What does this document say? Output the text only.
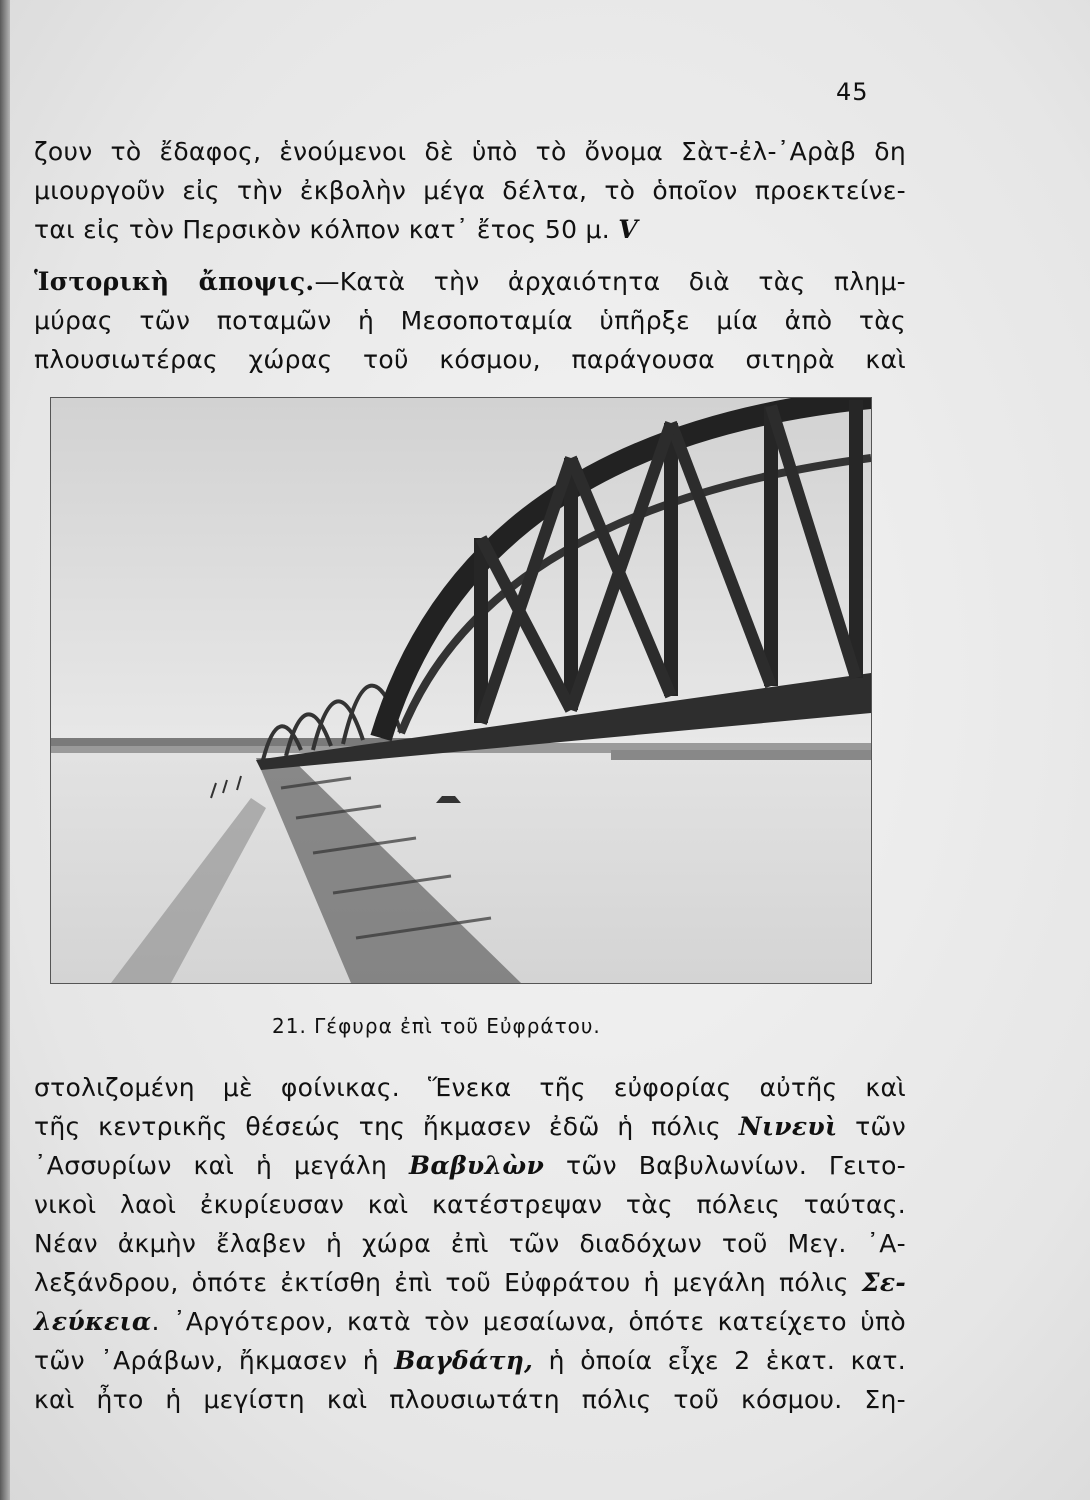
45
ζουν τὸ ἔδαφος, ἑνούμενοι δὲ ὑπὸ τὸ ὄνομα Σὰτ-ἐλ-᾽Αρὰβ δη
μιουργοῦν εἰς τὴν ἐκβολὴν μέγα δέλτα, τὸ ὁποῖον προεκτείνε-
ται εἰς τὸν Περσικὸν κόλπον κατ᾽ ἔτος 50 μ. Ⅴ
Ἱστορικὴ ἄποψις.—Κατὰ τὴν ἀρχαιότητα διὰ τὰς πλημ-
μύρας τῶν ποταμῶν ἡ Μεσοποταμία ὑπῆρξε μία ἀπὸ τὰς
πλουσιωτέρας χώρας τοῦ κόσμου, παράγουσα σιτηρὰ καὶ
21. Γέφυρα ἐπὶ τοῦ Εὐφράτου.
στολιζομένη μὲ φοίνικας. Ἕνεκα τῆς εὐφορίας αὐτῆς καὶ
τῆς κεντρικῆς θέσεώς της ἤκμασεν ἐδῶ ἡ πόλις Νινευὶ τῶν
᾽Ασσυρίων καὶ ἡ μεγάλη Βαβυλὼν τῶν Βαβυλωνίων. Γειτο-
νικοὶ λαοὶ ἐκυρίευσαν καὶ κατέστρεψαν τὰς πόλεις ταύτας.
Νέαν ἀκμὴν ἔλαβεν ἡ χώρα ἐπὶ τῶν διαδόχων τοῦ Μεγ. ᾽Α-
λεξάνδρου, ὁπότε ἐκτίσθη ἐπὶ τοῦ Εὐφράτου ἡ μεγάλη πόλις Σε-
λεύκεια. ᾽Αργότερον, κατὰ τὸν μεσαίωνα, ὁπότε κατείχετο ὑπὸ
τῶν ᾽Αράβων, ἤκμασεν ἡ Βαγδάτη, ἡ ὁποία εἶχε 2 ἑκατ. κατ.
καὶ ἦτο ἡ μεγίστη καὶ πλουσιωτάτη πόλις τοῦ κόσμου. Ση-
